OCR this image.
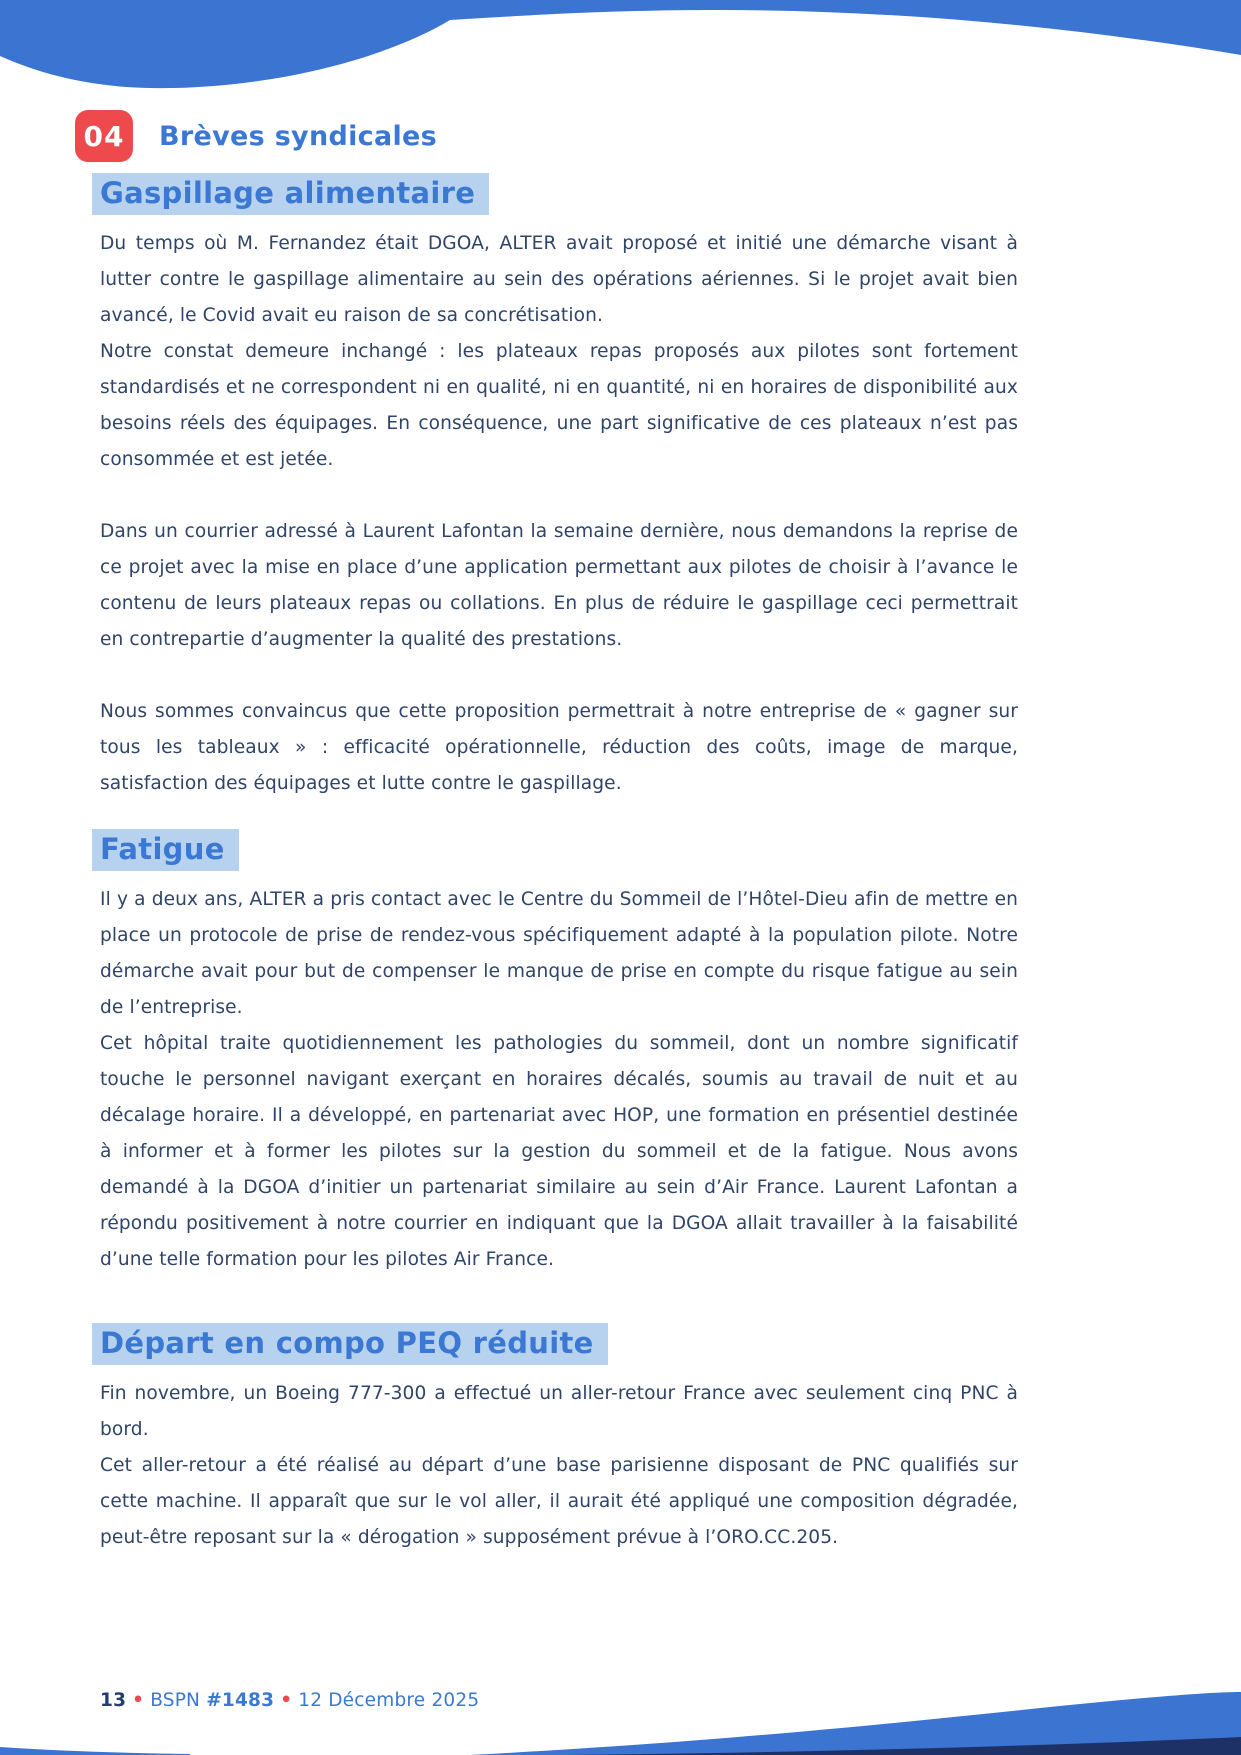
04	Brèves syndicales
Gaspillage alimentaire

Du temps où M. Fernandez était DGOA, ALTER avait proposé et initié une démarche visant à lutter contre le gaspillage alimentaire au sein des opérations aériennes. Si le projet avait bien avancé, le Covid avait eu raison de sa concrétisation.

Notre constat demeure inchangé : les plateaux repas proposés aux pilotes sont fortement standardisés et ne correspondent ni en qualité, ni en quantité, ni en horaires de disponibilité aux besoins réels des équipages. En conséquence, une part significative de ces plateaux n’est pas consommée et est jetée.

Dans un courrier adressé à Laurent Lafontan la semaine dernière, nous demandons la reprise de ce projet avec la mise en place d’une application permettant aux pilotes de choisir à l’avance le contenu de leurs plateaux repas ou collations. En plus de réduire le gaspillage ceci permettrait en contrepartie d’augmenter la qualité des prestations.

Nous sommes convaincus que cette proposition permettrait à notre entreprise de « gagner sur tous les tableaux » : efficacité opérationnelle, réduction des coûts, image de marque, satisfaction des équipages et lutte contre le gaspillage.

Fatigue

Il y a deux ans, ALTER a pris contact avec le Centre du Sommeil de l’Hôtel-Dieu afin de mettre en place un protocole de prise de rendez-vous spécifiquement adapté à la population pilote. Notre démarche avait pour but de compenser le manque de prise en compte du risque fatigue au sein de l’entreprise.

Cet hôpital traite quotidiennement les pathologies du sommeil, dont un nombre significatif touche le personnel navigant exerçant en horaires décalés, soumis au travail de nuit et au décalage horaire. Il a développé, en partenariat avec HOP, une formation en présentiel destinée à informer et à former les pilotes sur la gestion du sommeil et de la fatigue. Nous avons demandé à la DGOA d’initier un partenariat similaire au sein d’Air France. Laurent Lafontan a répondu positivement à notre courrier en indiquant que la DGOA allait travailler à la faisabilité d’une telle formation pour les pilotes Air France.

Départ en compo PEQ réduite

Fin novembre, un Boeing 777-300 a effectué un aller-retour France avec seulement cinq PNC à bord.

Cet aller-retour a été réalisé au départ d’une base parisienne disposant de PNC qualifiés sur cette machine. Il apparaît que sur le vol aller, il aurait été appliqué une composition dégradée, peut-être reposant sur la « dérogation » supposément prévue à l’ORO.CC.205.

13 • BSPN #1483 • 12 Décembre 2025
